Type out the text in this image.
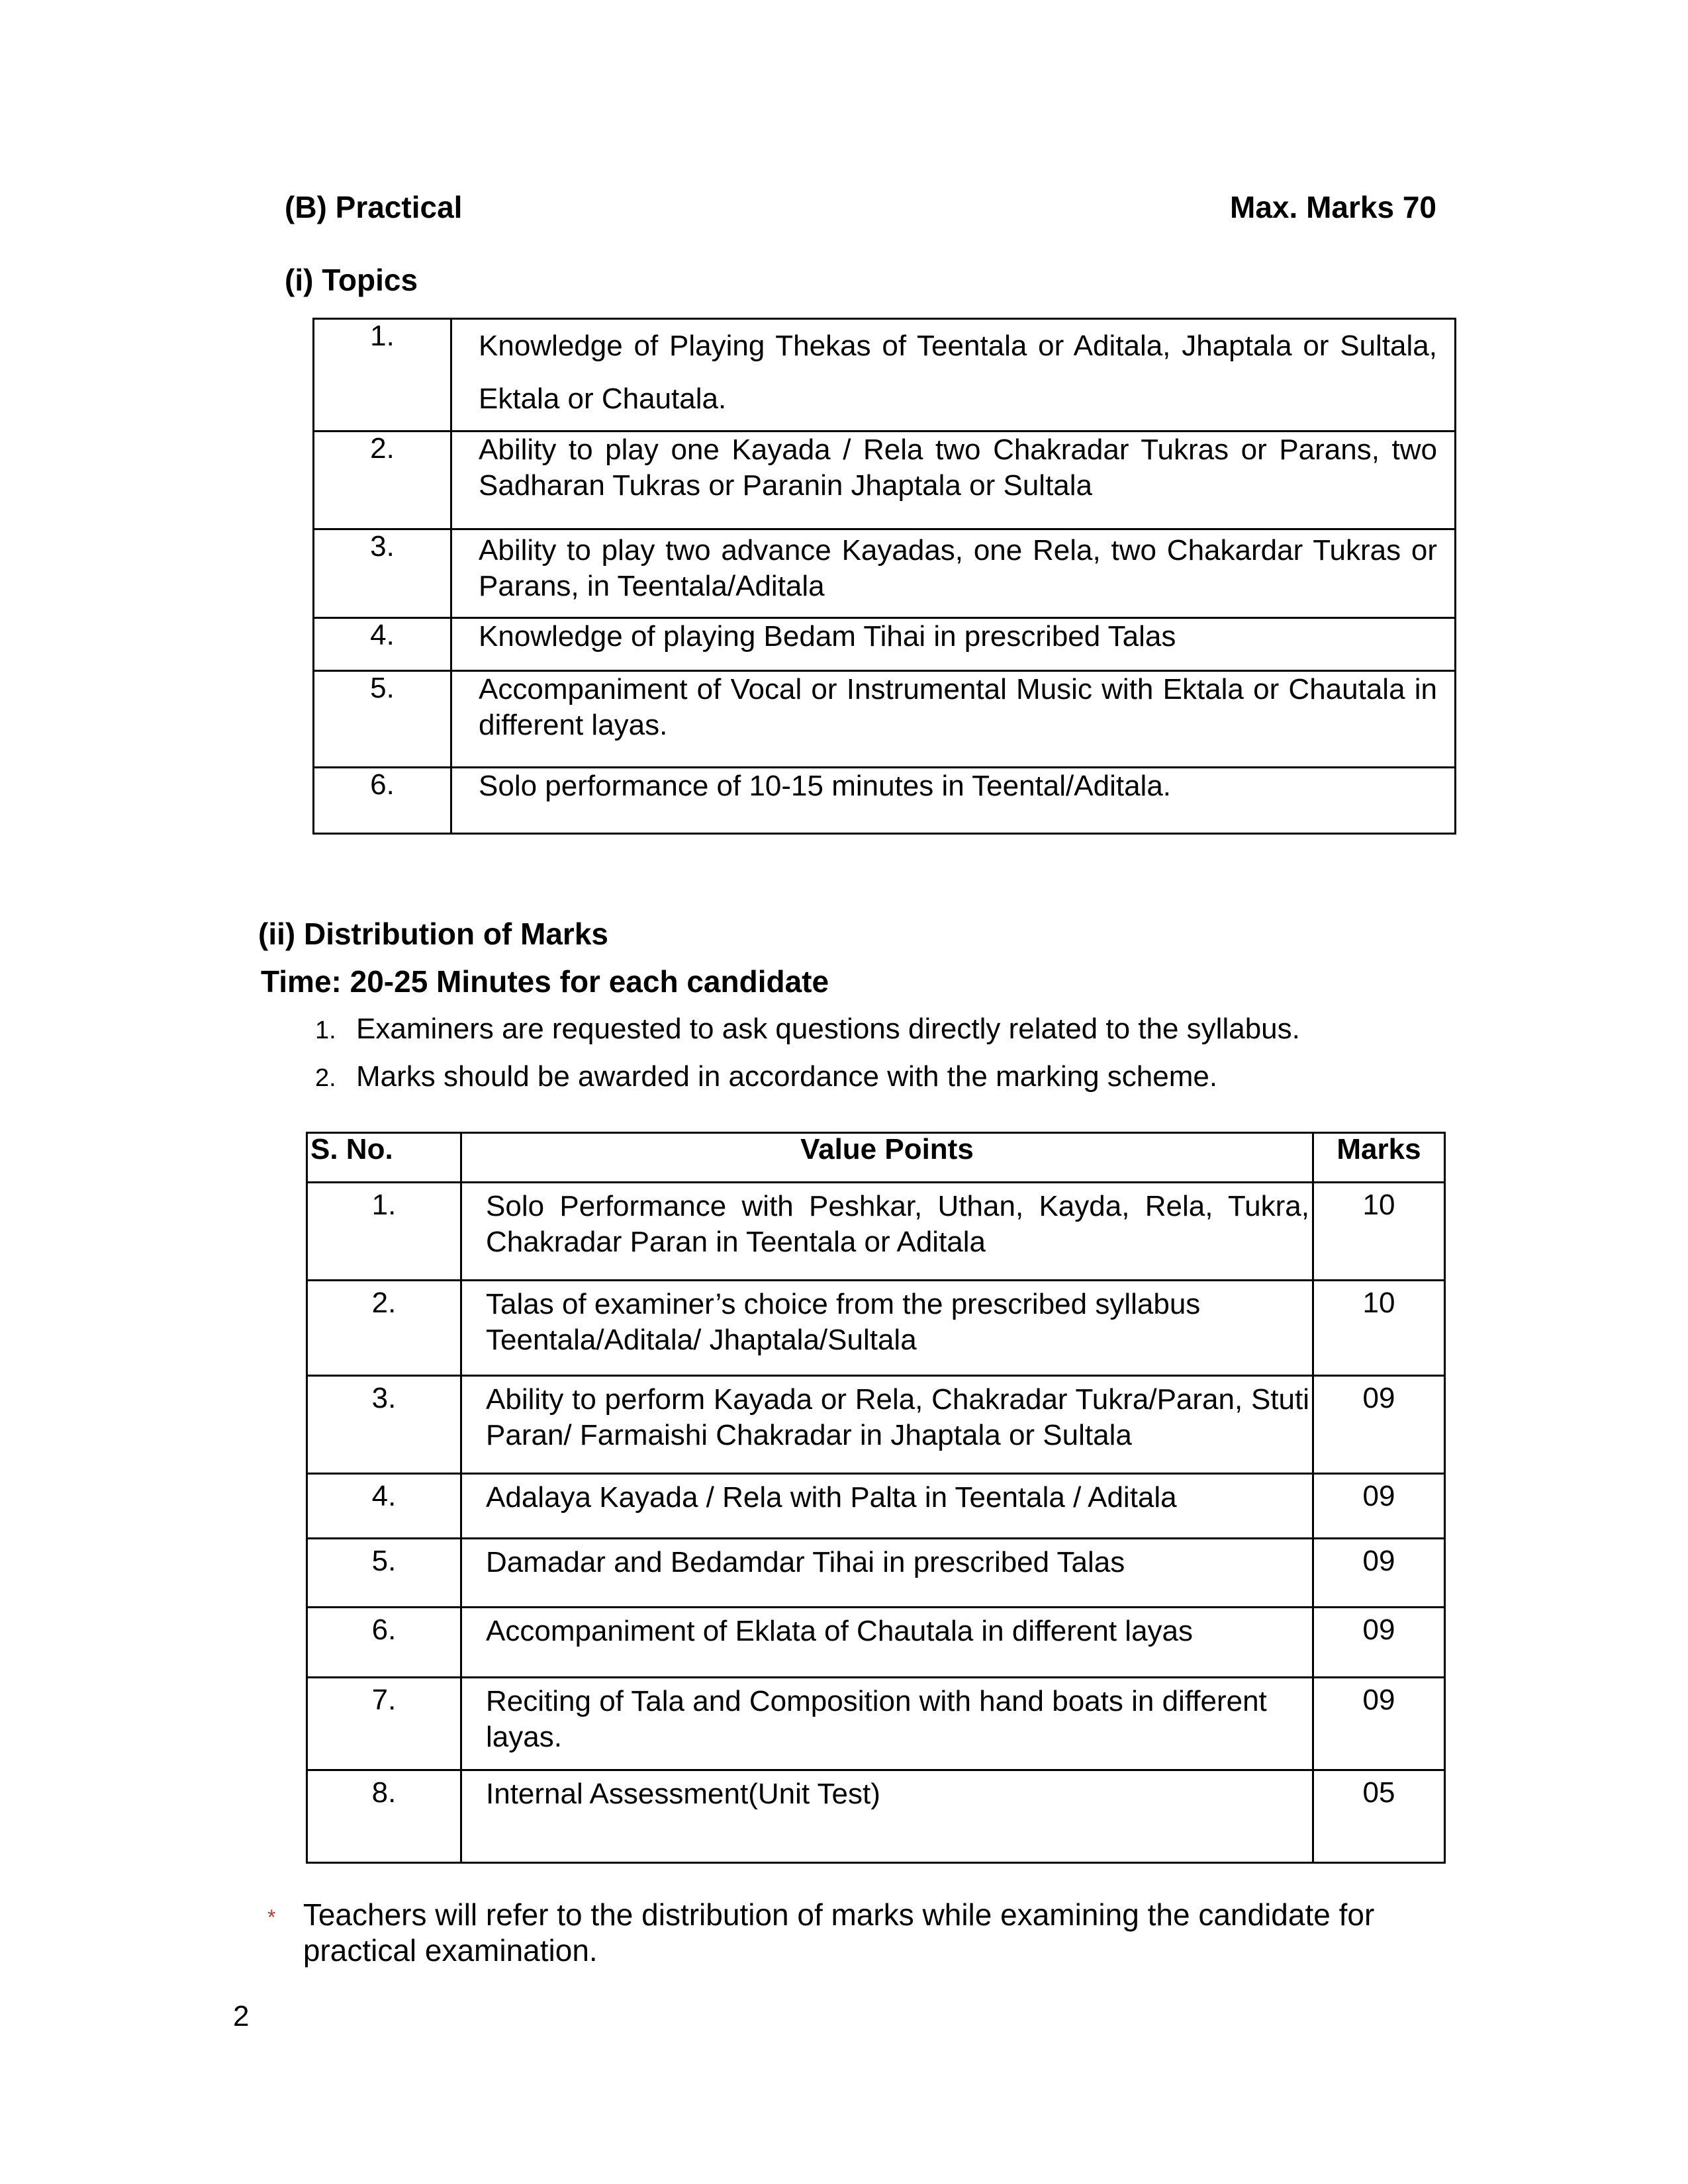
(B) Practical	Max. Marks 70
(i) Topics
1.	Knowledge of Playing Thekas of Teentala or Aditala, Jhaptala or Sultala, Ektala or Chautala.
2.	Ability to play one Kayada / Rela two Chakradar Tukras or Parans, two Sadharan Tukras or Paranin Jhaptala or Sultala
3.	Ability to play two advance Kayadas, one Rela, two Chakardar Tukras or Parans, in Teentala/Aditala
4.	Knowledge of playing Bedam Tihai in prescribed Talas
5.	Accompaniment of Vocal or Instrumental Music with Ektala or Chautala in different layas.
6.	Solo performance of 10-15 minutes in Teental/Aditala.
(ii) Distribution of Marks
Time: 20-25 Minutes for each candidate
1. Examiners are requested to ask questions directly related to the syllabus.
2. Marks should be awarded in accordance with the marking scheme.
S. No.	Value Points	Marks
1.	Solo Performance with Peshkar, Uthan, Kayda, Rela, Tukra, Chakradar Paran in Teentala or Aditala	10
2.	Talas of examiner’s choice from the prescribed syllabus Teentala/Aditala/ Jhaptala/Sultala	10
3.	Ability to perform Kayada or Rela, Chakradar Tukra/Paran, Stuti Paran/ Farmaishi Chakradar in Jhaptala or Sultala	09
4.	Adalaya Kayada / Rela with Palta in Teentala / Aditala	09
5.	Damadar and Bedamdar Tihai in prescribed Talas	09
6.	Accompaniment of Eklata of Chautala in different layas	09
7.	Reciting of Tala and Composition with hand boats in different layas.	09
8.	Internal Assessment(Unit Test)	05
* Teachers will refer to the distribution of marks while examining the candidate for practical examination.
2
